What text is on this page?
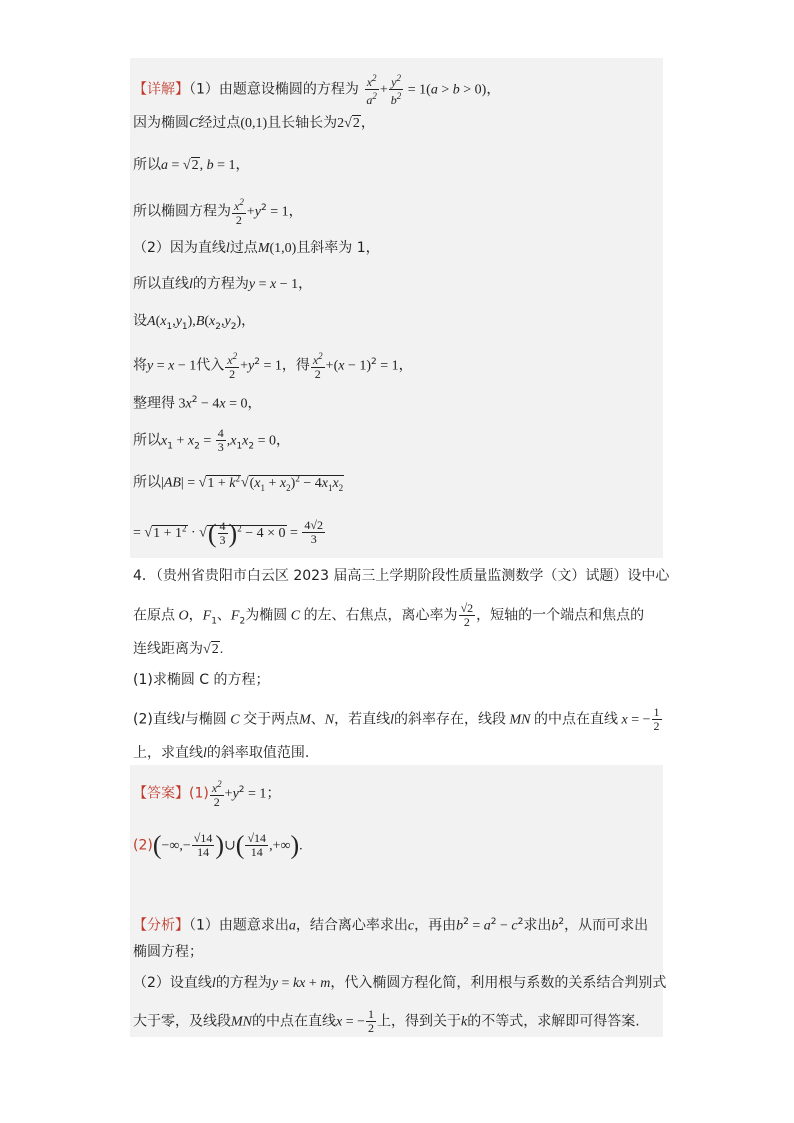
【详解】（1）由题意设椭圆的方程为 $\frac{x^2}{a^2} + \frac{y^2}{b^2} = 1(a > b > 0)$，
因为椭圆C经过点(0,1)且长轴长为2√2，
所以a = √2, b = 1，
所以椭圆方程为 $\frac{x^2}{2} +y^2 = 1$，
（2）因为直线l过点M(1,0)且斜率为 1，
所以直线l的方程为y = x − 1，
设$A(x_1,y_1),B(x_2,y_2)$，
将y = x − 1代入 $\frac{x^2}{2} +y^2 = 1$，得 $\frac{x^2}{2} +(x - 1)^2 = 1$，
整理得 $3x^2 - 4x = 0$，
所以$x_1 + x_2 = \frac{4}{3} ,x_1x_2 = 0$，
所以$|AB| = √1 + k^2√(x_1 + x_2)^2 - 4x_1x_2$
= $√1 + 1^2$ · √( $\frac{4}{3} )^2 - 4 \times 0 = \frac{4√2}{3}$
4．（贵州省贵阳市白云区 2023 届高三上学期阶段性质量监测数学（文）试题）设中心
在原点 O，$F_1$、$F_2$为椭圆 C 的左、右焦点，离心率为 $\frac{√2}{2}$ ，短轴的一个端点和焦点的
连线距离为√2.
(1)求椭圆 C 的方程；
(2)直线l与椭圆 C 交于两点M、N，若直线l的斜率存在，线段 MN 的中点在直线 x = − $\frac{1}{2}$
上，求直线l的斜率取值范围.
【答案】$(1) \frac{x^2}{2} +y^2 = 1$；
$(2)(-\infty,- \frac{√14}{14}$ )∪( $\frac{√14}{14}$ ,+∞).
【分析】（1）由题意求出a，结合离心率求出c，再由$b^2 = a^2 - c^2$求出$b^2$，从而可求出
椭圆方程；
（2）设直线l的方程为y = kx + m，代入椭圆方程化简，利用根与系数的关系结合判别式
大于零，及线段MN的中点在直线x = − $\frac{1}{2}$ 上，得到关于k的不等式，求解即可得答案.
